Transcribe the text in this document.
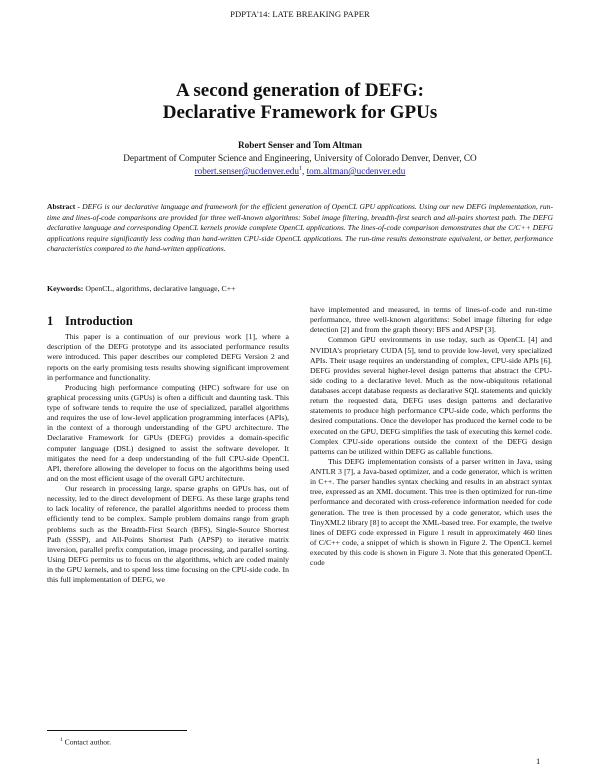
PDPTA'14: LATE BREAKING PAPER
A second generation of DEFG:
Declarative Framework for GPUs
Robert Senser and Tom Altman
Department of Computer Science and Engineering, University of Colorado Denver, Denver, CO
robert.senser@ucdenver.edu$^1$, tom.altman@ucdenver.edu
Abstract - DEFG is our declarative language and framework for the efficient generation of OpenCL GPU applications. Using our new DEFG implementation, run-time and lines-of-code comparisons are provided for three well-known algorithms: Sobel image filtering, breadth-first search and all-pairs shortest path. The DEFG declarative language and corresponding OpenCL kernels provide complete OpenCL applications. The lines-of-code comparison demonstrates that the C/C++ DEFG applications require significantly less coding than hand-written CPU-side OpenCL applications. The run-time results demonstrate equivalent, or better, performance characteristics compared to the hand-written applications.
Keywords: OpenCL, algorithms, declarative language, C++
1 Introduction

This paper is a continuation of our previous work [1], where a description of the DEFG prototype and its associated performance results were introduced. This paper describes our completed DEFG Version 2 and reports on the early promising tests results showing significant improvement in performance and functionality.

Producing high performance computing (HPC) software for use on graphical processing units (GPUs) is often a difficult and daunting task. This type of software tends to require the use of specialized, parallel algorithms and requires the use of low-level application programming interfaces (APIs), in the context of a thorough understanding of the GPU architecture. The Declarative Framework for GPUs (DEFG) provides a domain-specific computer language (DSL) designed to assist the software developer. It mitigates the need for a deep understanding of the full CPU-side OpenCL API, therefore allowing the developer to focus on the algorithms being used and on the most efficient usage of the overall GPU architecture.

Our research in processing large, sparse graphs on GPUs has, out of necessity, led to the direct development of DEFG. As these large graphs tend to lack locality of reference, the parallel algorithms needed to process them efficiently tend to be complex. Sample problem domains range from graph problems such as the Breadth-First Search (BFS), Single-Source Shortest Path (SSSP), and All-Points Shortest Path (APSP) to iterative matrix inversion, parallel prefix computation, image processing, and parallel sorting. Using DEFG permits us to focus on the algorithms, which are coded mainly in the GPU kernels, and to spend less time focusing on the CPU-side code. In this full implementation of DEFG, we

have implemented and measured, in terms of lines-of-code and run-time performance, three well-known algorithms: Sobel image filtering for edge detection [2] and from the graph theory: BFS and APSP [3].

Common GPU environments in use today, such as OpenCL [4] and NVIDIA's proprietary CUDA [5], tend to provide low-level, very specialized APIs. Their usage requires an understanding of complex, CPU-side APIs [6]. DEFG provides several higher-level design patterns that abstract the CPU-side coding to a declarative level. Much as the now-ubiquitous relational databases accept database requests as declarative SQL statements and quickly return the requested data, DEFG uses design patterns and declarative statements to produce high performance CPU-side code, which performs the desired computations. Once the developer has produced the kernel code to be executed on the GPU, DEFG simplifies the task of executing this kernel code. Complex CPU-side operations outside the context of the DEFG design patterns can be utilized within DEFG as callable functions.

This DEFG implementation consists of a parser written in Java, using ANTLR 3 [7], a Java-based optimizer, and a code generator, which is written in C++. The parser handles syntax checking and results in an abstract syntax tree, expressed as an XML document. This tree is then optimized for run-time performance and decorated with cross-reference information needed for code generation. The tree is then processed by a code generator, which uses the TinyXML2 library [8] to accept the XML-based tree. For example, the twelve lines of DEFG code expressed in Figure 1 result in approximately 460 lines of C/C++ code, a snippet of which is shown in Figure 2. The OpenCL kernel executed by this code is shown in Figure 3. Note that this generated OpenCL code

$^1$ Contact author.
1
